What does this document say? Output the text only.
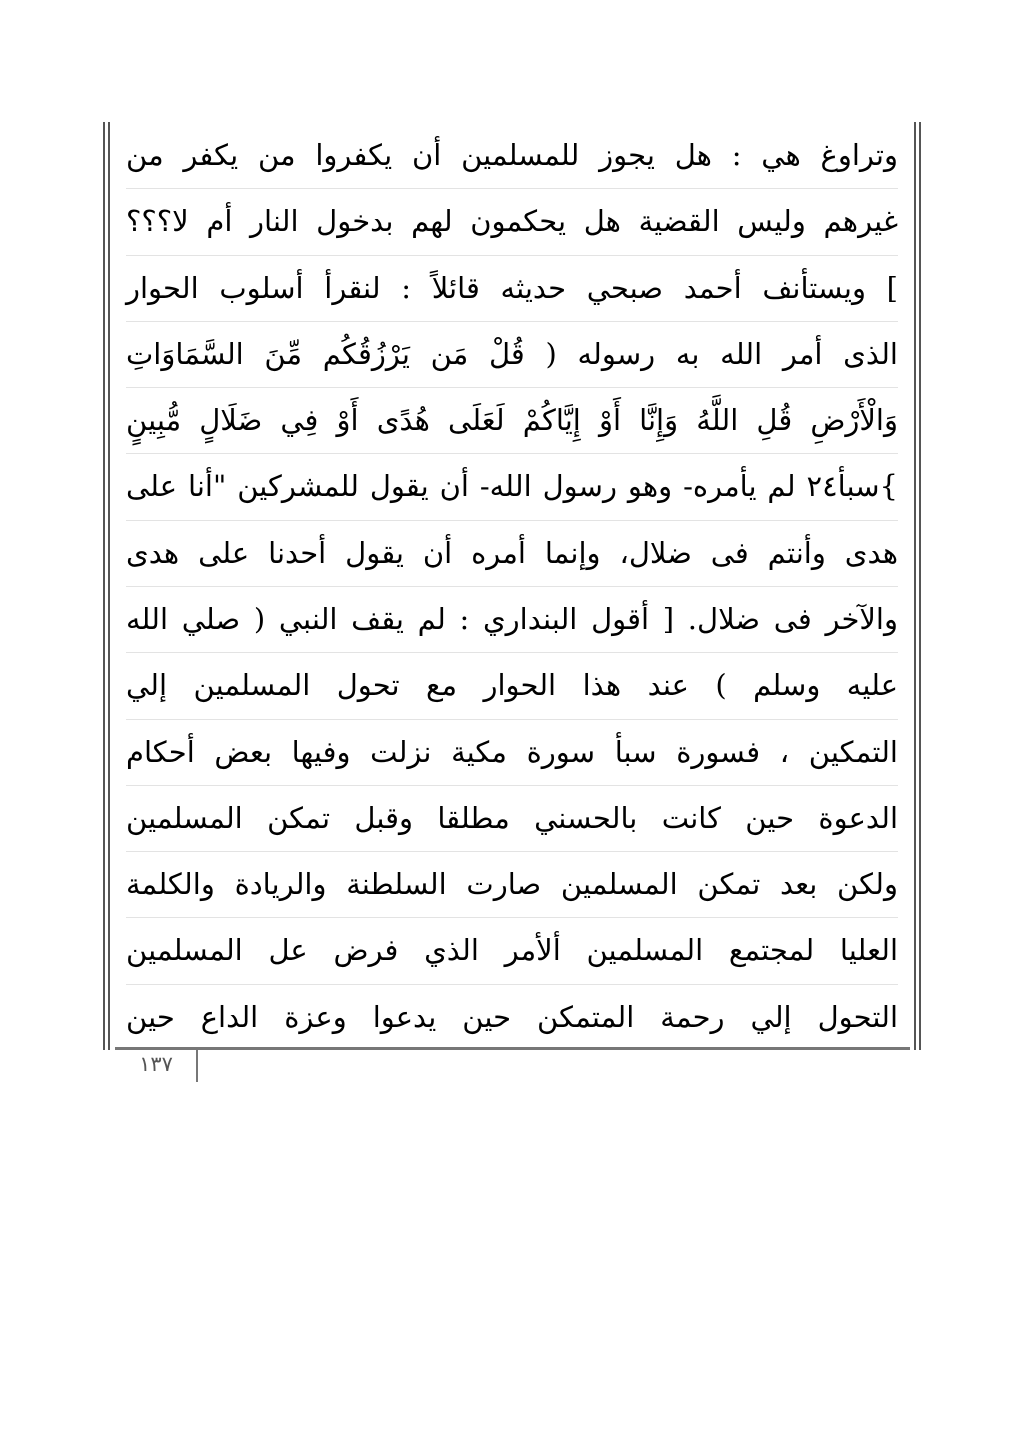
وتراوغ هي : هل يجوز للمسلمين أن يكفروا من يكفر من
غيرهم وليس القضية هل يحكمون لهم بدخول النار أم لا؟؟؟
] ويستأنف أحمد صبحي حديثه قائلاً : لنقرأ أسلوب الحوار
الذى أمر الله به رسوله ( قُلْ مَن يَرْزُقُكُم مِّنَ السَّمَاوَاتِ
وَالْأَرْضِ قُلِ اللَّهُ وَإِنَّا أَوْ إِيَّاكُمْ لَعَلَى هُدًى أَوْ فِي ضَلَالٍ مُّبِينٍ
}سبأ٢٤ لم يأمره- وهو رسول الله- أن يقول للمشركين "أنا على
هدى وأنتم فى ضلال، وإنما أمره أن يقول أحدنا على هدى
والآخر فى ضلال. [ أقول البنداري : لم يقف النبي ( صلي الله
عليه وسلم ) عند هذا الحوار مع تحول المسلمين إلي
التمكين ، فسورة سبأ سورة مكية نزلت وفيها بعض أحكام
الدعوة حين كانت بالحسني مطلقا وقبل تمكن المسلمين
ولكن بعد تمكن المسلمين صارت السلطنة والريادة والكلمة
العليا لمجتمع المسلمين ألأمر الذي فرض عل المسلمين
التحول إلي رحمة المتمكن حين يدعوا وعزة الداع حين
١٣٧
